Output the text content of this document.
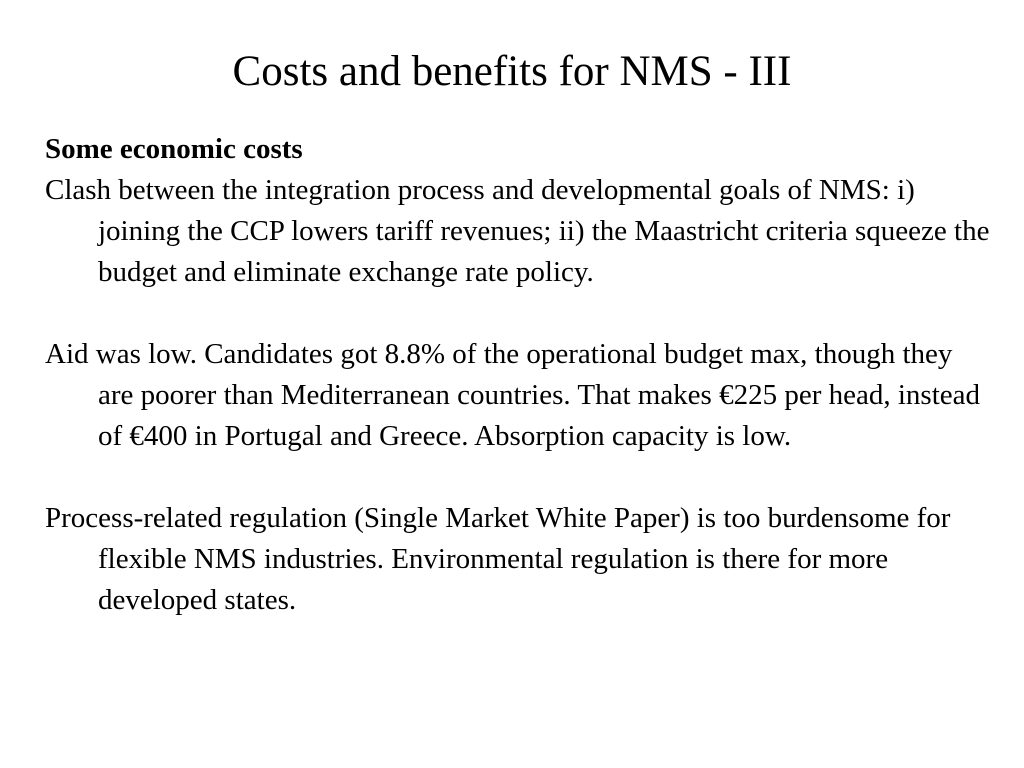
Costs and benefits for NMS - III

Some economic costs

Clash between the integration process and developmental goals of NMS: i) joining the CCP lowers tariff revenues; ii) the Maastricht criteria squeeze the budget and eliminate exchange rate policy.

Aid was low. Candidates got 8.8% of the operational budget max, though they are poorer than Mediterranean countries. That makes €225 per head, instead of €400 in Portugal and Greece. Absorption capacity is low.

Process-related regulation (Single Market White Paper) is too burdensome for flexible NMS industries. Environmental regulation is there for more developed states.
